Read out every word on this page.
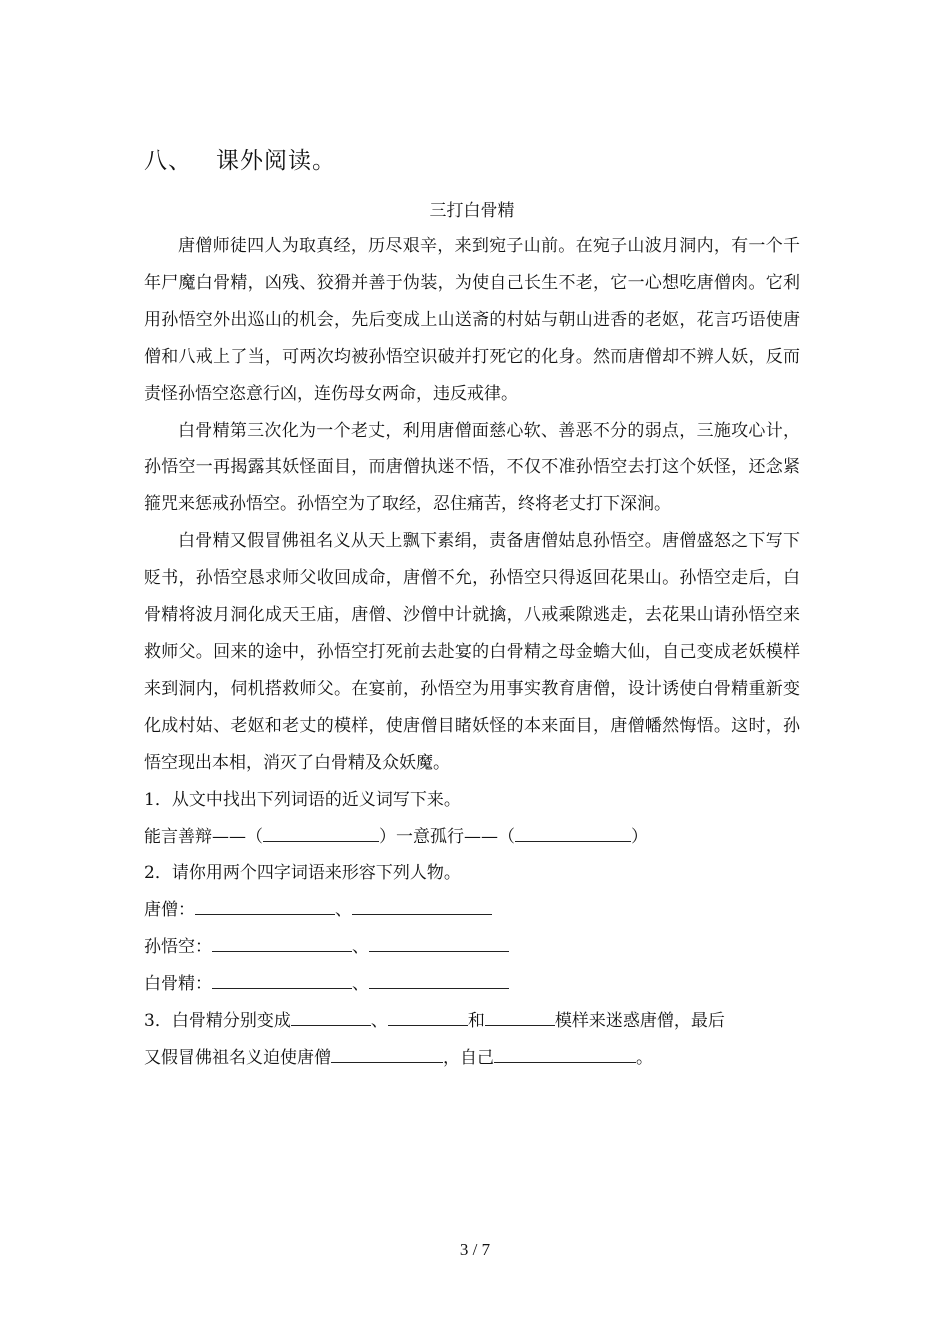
八、 课外阅读。
三打白骨精

唐僧师徒四人为取真经，历尽艰辛，来到宛子山前。在宛子山波月洞内，有一个千年尸魔白骨精，凶残、狡猾并善于伪装，为使自己长生不老，它一心想吃唐僧肉。它利用孙悟空外出巡山的机会，先后变成上山送斋的村姑与朝山进香的老妪，花言巧语使唐僧和八戒上了当，可两次均被孙悟空识破并打死它的化身。然而唐僧却不辨人妖，反而责怪孙悟空恣意行凶，连伤母女两命，违反戒律。

白骨精第三次化为一个老丈，利用唐僧面慈心软、善恶不分的弱点，三施攻心计，孙悟空一再揭露其妖怪面目，而唐僧执迷不悟，不仅不准孙悟空去打这个妖怪，还念紧箍咒来惩戒孙悟空。孙悟空为了取经，忍住痛苦，终将老丈打下深涧。

白骨精又假冒佛祖名义从天上飘下素绢，责备唐僧姑息孙悟空。唐僧盛怒之下写下贬书，孙悟空恳求师父收回成命，唐僧不允，孙悟空只得返回花果山。孙悟空走后，白骨精将波月洞化成天王庙，唐僧、沙僧中计就擒，八戒乘隙逃走，去花果山请孙悟空来救师父。回来的途中，孙悟空打死前去赴宴的白骨精之母金蟾大仙，自己变成老妖模样来到洞内，伺机搭救师父。在宴前，孙悟空为用事实教育唐僧，设计诱使白骨精重新变化成村姑、老妪和老丈的模样，使唐僧目睹妖怪的本来面目，唐僧幡然悔悟。这时，孙悟空现出本相，消灭了白骨精及众妖魔。

1．从文中找出下列词语的近义词写下来。

能言善辩——（	）一意孤行——（	）

2．请你用两个四字词语来形容下列人物。

唐僧：	、

孙悟空：	、

白骨精：	、

3．白骨精分别变成	、	和	模样来迷惑唐僧，最后

又假冒佛祖名义迫使唐僧	，自己	。

3 / 7
